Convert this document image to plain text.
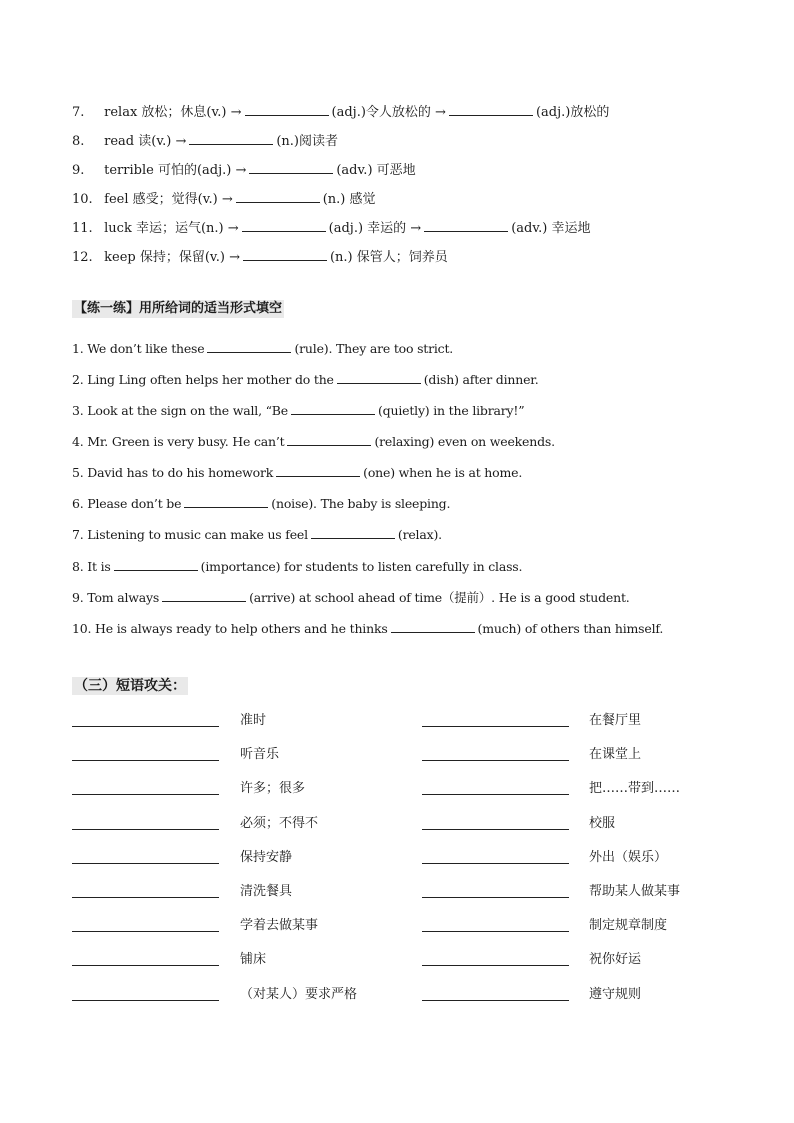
7. relax 放松；休息(v.) →	(adj.)令人放松的 →	(adj.)放松的
8. read 读(v.) →	(n.)阅读者
9. terrible 可怕的(adj.) →	(adv.) 可恶地
10. feel 感受；觉得(v.) →	(n.) 感觉
11. luck 幸运；运气(n.) →	(adj.) 幸运的 →	(adv.) 幸运地
12. keep 保持；保留(v.) →	(n.) 保管人；饲养员
【练一练】用所给词的适当形式填空
1. We don’t like these	(rule). They are too strict.
2. Ling Ling often helps her mother do the	(dish) after dinner.
3. Look at the sign on the wall, “Be	(quietly) in the library!”
4. Mr. Green is very busy. He can’t	(relaxing) even on weekends.
5. David has to do his homework	(one) when he is at home.
6. Please don’t be	(noise). The baby is sleeping.
7. Listening to music can make us feel	(relax).
8. It is	(importance) for students to listen carefully in class.
9. Tom always	(arrive) at school ahead of time（提前）. He is a good student.
10. He is always ready to help others and he thinks	(much) of others than himself.
（三）短语攻关：
准时	在餐厅里
听音乐	在课堂上
许多；很多	把……带到……
必须；不得不	校服
保持安静	外出（娱乐）
清洗餐具	帮助某人做某事
学着去做某事	制定规章制度
铺床	祝你好运
（对某人）要求严格	遵守规则
